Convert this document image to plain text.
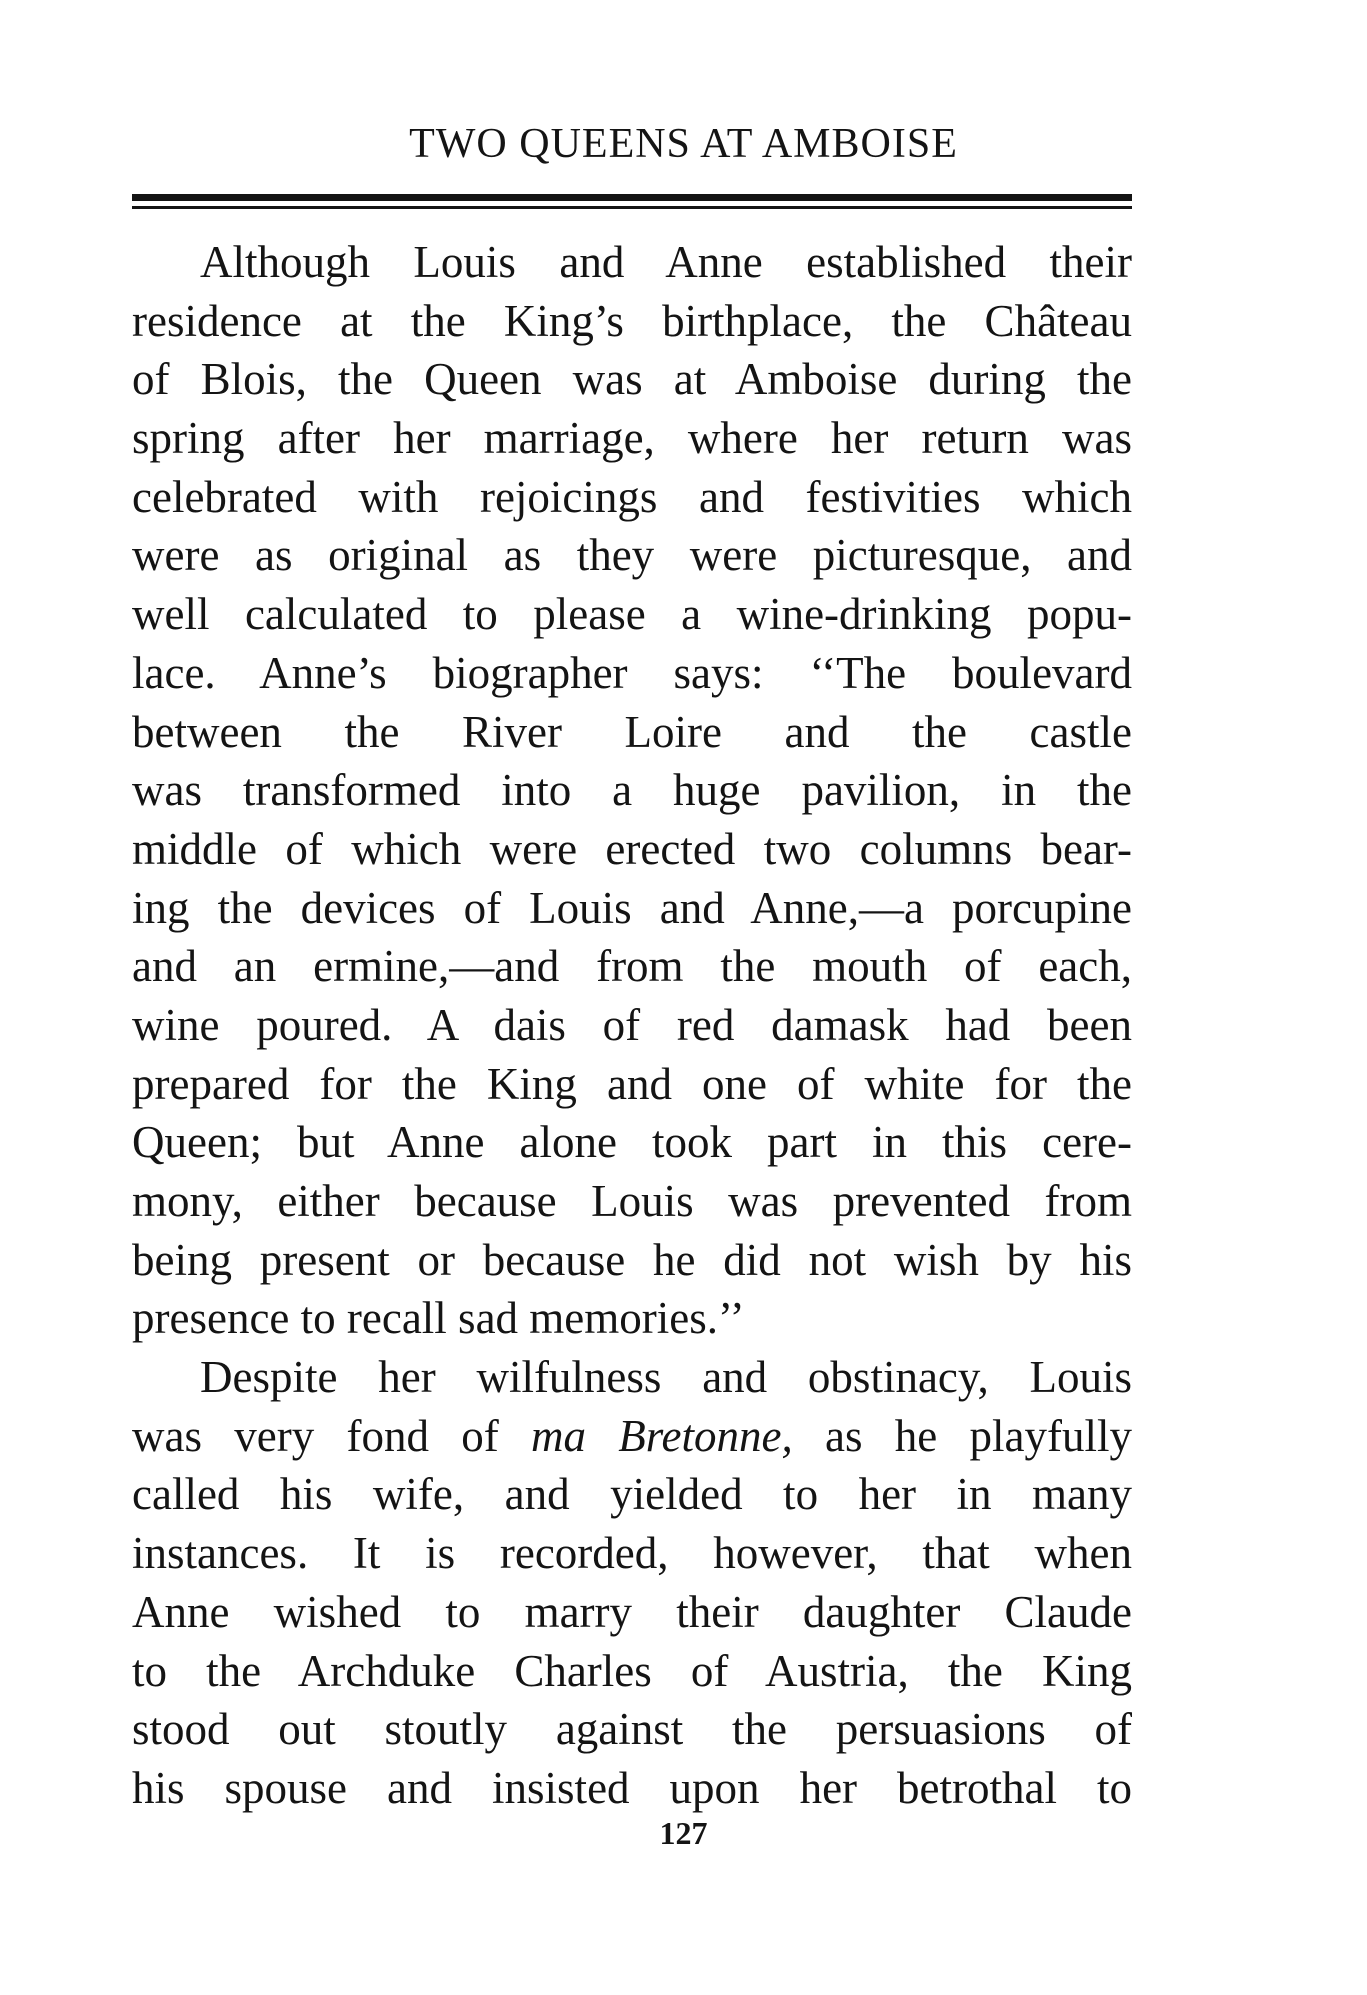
TWO QUEENS AT AMBOISE
Although Louis and Anne established their
residence at the King’s birthplace, the Château
of Blois, the Queen was at Amboise during the
spring after her marriage, where her return was
celebrated with rejoicings and festivities which
were as original as they were picturesque, and
well calculated to please a wine-drinking popu-
lace. Anne’s biographer says: ‘‘The boulevard
between the River Loire and the castle
was transformed into a huge pavilion, in the
middle of which were erected two columns bear-
ing the devices of Louis and Anne,—a porcupine
and an ermine,—and from the mouth of each,
wine poured. A dais of red damask had been
prepared for the King and one of white for the
Queen; but Anne alone took part in this cere-
mony, either because Louis was prevented from
being present or because he did not wish by his
presence to recall sad memories.’’
Despite her wilfulness and obstinacy, Louis
was very fond of ma Bretonne, as he playfully
called his wife, and yielded to her in many
instances. It is recorded, however, that when
Anne wished to marry their daughter Claude
to the Archduke Charles of Austria, the King
stood out stoutly against the persuasions of
his spouse and insisted upon her betrothal to
127
